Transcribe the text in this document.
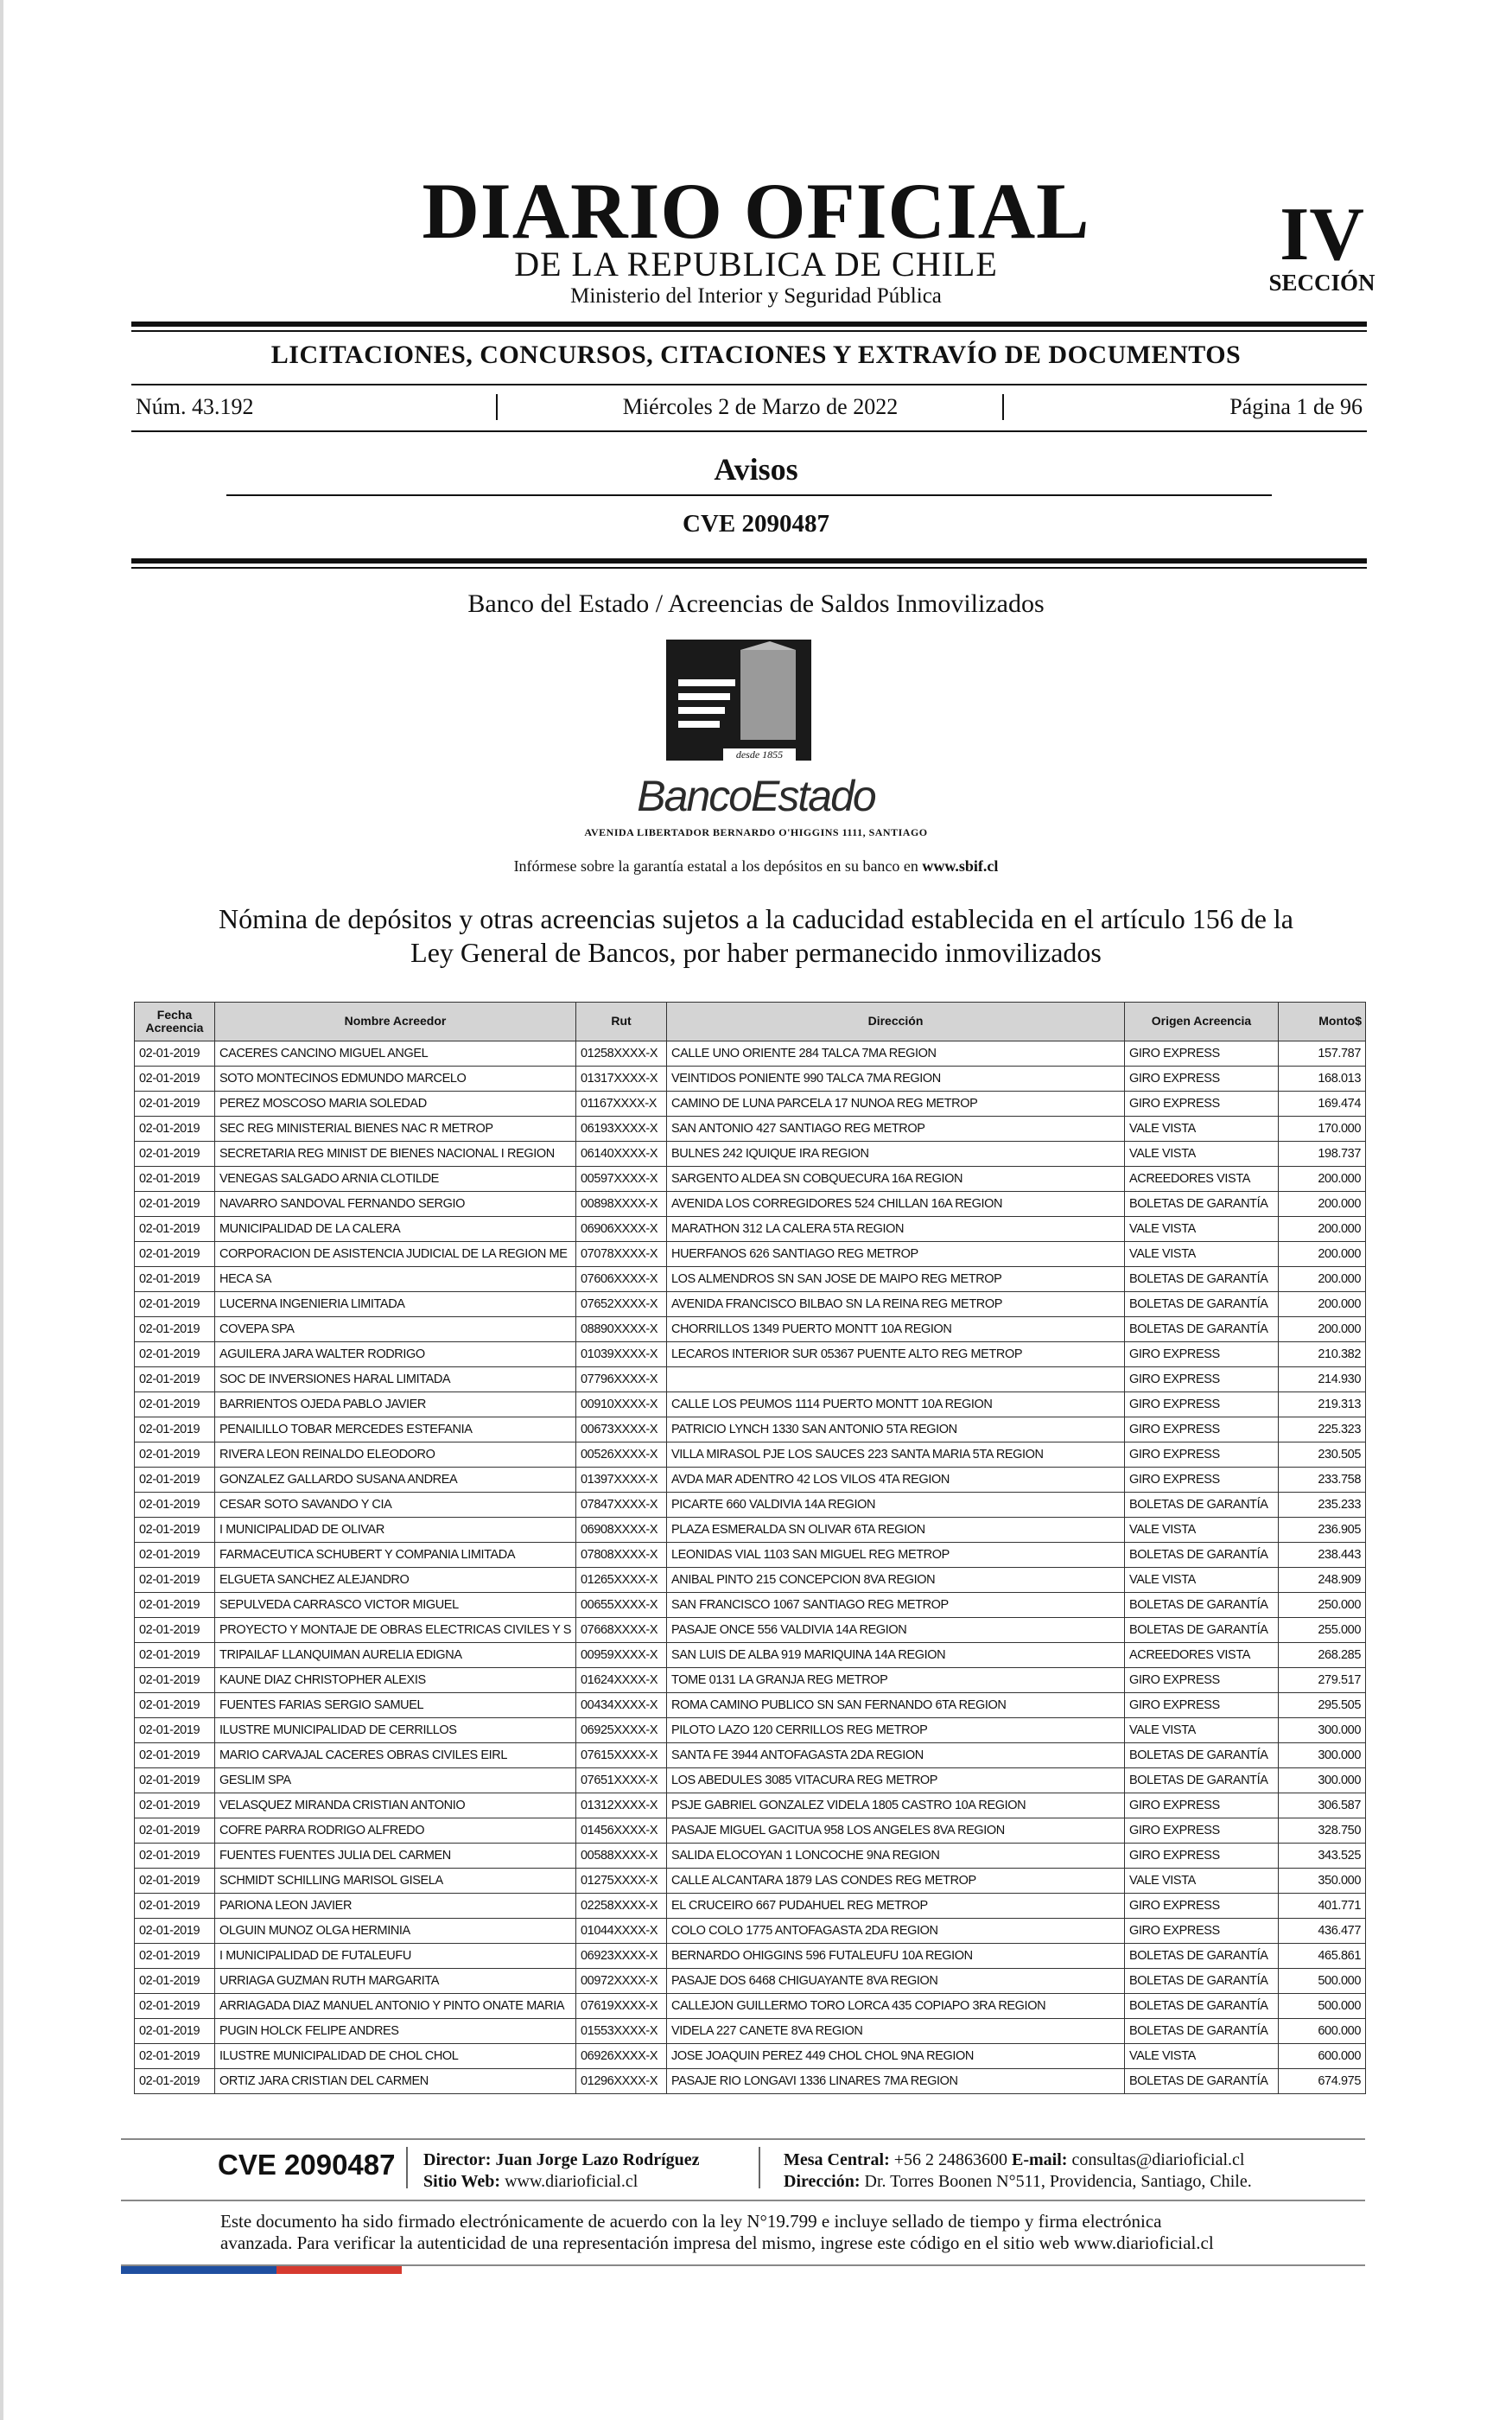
DIARIO OFICIAL
DE LA REPUBLICA DE CHILE
Ministerio del Interior y Seguridad Pública
IV
SECCIÓN
LICITACIONES, CONCURSOS, CITACIONES Y EXTRAVÍO DE DOCUMENTOS
Núm. 43.192	Miércoles 2 de Marzo de 2022	Página 1 de 96
Avisos
CVE 2090487
Banco del Estado / Acreencias de Saldos Inmovilizados
desde 1855
BancoEstado
AVENIDA LIBERTADOR BERNARDO O'HIGGINS 1111, SANTIAGO
Infórmese sobre la garantía estatal a los depósitos en su banco en www.sbif.cl
Nómina de depósitos y otras acreencias sujetos a la caducidad establecida en el artículo 156 de la
Ley General de Bancos, por haber permanecido inmovilizados
Fecha
Acreencia	Nombre Acreedor	Rut	Dirección	Origen Acreencia	Monto$
02-01-2019	CACERES CANCINO MIGUEL ANGEL	01258XXXX-X	CALLE UNO ORIENTE 284 TALCA 7MA REGION	GIRO EXPRESS	157.787
02-01-2019	SOTO MONTECINOS EDMUNDO MARCELO	01317XXXX-X	VEINTIDOS PONIENTE 990 TALCA 7MA REGION	GIRO EXPRESS	168.013
02-01-2019	PEREZ MOSCOSO MARIA SOLEDAD	01167XXXX-X	CAMINO DE LUNA PARCELA 17 NUNOA REG METROP	GIRO EXPRESS	169.474
02-01-2019	SEC REG MINISTERIAL BIENES NAC R METROP	06193XXXX-X	SAN ANTONIO 427 SANTIAGO REG METROP	VALE VISTA	170.000
02-01-2019	SECRETARIA REG MINIST DE BIENES NACIONAL I REGION	06140XXXX-X	BULNES 242 IQUIQUE IRA REGION	VALE VISTA	198.737
02-01-2019	VENEGAS SALGADO ARNIA CLOTILDE	00597XXXX-X	SARGENTO ALDEA SN COBQUECURA 16A REGION	ACREEDORES VISTA	200.000
02-01-2019	NAVARRO SANDOVAL FERNANDO SERGIO	00898XXXX-X	AVENIDA LOS CORREGIDORES 524 CHILLAN 16A REGION	BOLETAS DE GARANTÍA	200.000
02-01-2019	MUNICIPALIDAD DE LA CALERA	06906XXXX-X	MARATHON 312 LA CALERA 5TA REGION	VALE VISTA	200.000
02-01-2019	CORPORACION DE ASISTENCIA JUDICIAL DE LA REGION ME	07078XXXX-X	HUERFANOS 626 SANTIAGO REG METROP	VALE VISTA	200.000
02-01-2019	HECA SA	07606XXXX-X	LOS ALMENDROS SN SAN JOSE DE MAIPO REG METROP	BOLETAS DE GARANTÍA	200.000
02-01-2019	LUCERNA INGENIERIA LIMITADA	07652XXXX-X	AVENIDA FRANCISCO BILBAO SN LA REINA REG METROP	BOLETAS DE GARANTÍA	200.000
02-01-2019	COVEPA SPA	08890XXXX-X	CHORRILLOS 1349 PUERTO MONTT 10A REGION	BOLETAS DE GARANTÍA	200.000
02-01-2019	AGUILERA JARA WALTER RODRIGO	01039XXXX-X	LECAROS INTERIOR SUR 05367 PUENTE ALTO REG METROP	GIRO EXPRESS	210.382
02-01-2019	SOC DE INVERSIONES HARAL LIMITADA	07796XXXX-X		GIRO EXPRESS	214.930
02-01-2019	BARRIENTOS OJEDA PABLO JAVIER	00910XXXX-X	CALLE LOS PEUMOS 1114 PUERTO MONTT 10A REGION	GIRO EXPRESS	219.313
02-01-2019	PENAILILLO TOBAR MERCEDES ESTEFANIA	00673XXXX-X	PATRICIO LYNCH 1330 SAN ANTONIO 5TA REGION	GIRO EXPRESS	225.323
02-01-2019	RIVERA LEON REINALDO ELEODORO	00526XXXX-X	VILLA MIRASOL PJE LOS SAUCES 223 SANTA MARIA 5TA REGION	GIRO EXPRESS	230.505
02-01-2019	GONZALEZ GALLARDO SUSANA ANDREA	01397XXXX-X	AVDA MAR ADENTRO 42 LOS VILOS 4TA REGION	GIRO EXPRESS	233.758
02-01-2019	CESAR SOTO SAVANDO Y CIA	07847XXXX-X	PICARTE 660 VALDIVIA 14A REGION	BOLETAS DE GARANTÍA	235.233
02-01-2019	I MUNICIPALIDAD DE OLIVAR	06908XXXX-X	PLAZA ESMERALDA SN OLIVAR 6TA REGION	VALE VISTA	236.905
02-01-2019	FARMACEUTICA SCHUBERT Y COMPANIA LIMITADA	07808XXXX-X	LEONIDAS VIAL 1103 SAN MIGUEL REG METROP	BOLETAS DE GARANTÍA	238.443
02-01-2019	ELGUETA SANCHEZ ALEJANDRO	01265XXXX-X	ANIBAL PINTO 215 CONCEPCION 8VA REGION	VALE VISTA	248.909
02-01-2019	SEPULVEDA CARRASCO VICTOR MIGUEL	00655XXXX-X	SAN FRANCISCO 1067 SANTIAGO REG METROP	BOLETAS DE GARANTÍA	250.000
02-01-2019	PROYECTO Y MONTAJE DE OBRAS ELECTRICAS CIVILES Y S	07668XXXX-X	PASAJE ONCE 556 VALDIVIA 14A REGION	BOLETAS DE GARANTÍA	255.000
02-01-2019	TRIPAILAF LLANQUIMAN AURELIA EDIGNA	00959XXXX-X	SAN LUIS DE ALBA 919 MARIQUINA 14A REGION	ACREEDORES VISTA	268.285
02-01-2019	KAUNE DIAZ CHRISTOPHER ALEXIS	01624XXXX-X	TOME 0131 LA GRANJA REG METROP	GIRO EXPRESS	279.517
02-01-2019	FUENTES FARIAS SERGIO SAMUEL	00434XXXX-X	ROMA CAMINO PUBLICO SN SAN FERNANDO 6TA REGION	GIRO EXPRESS	295.505
02-01-2019	ILUSTRE MUNICIPALIDAD DE CERRILLOS	06925XXXX-X	PILOTO LAZO 120 CERRILLOS REG METROP	VALE VISTA	300.000
02-01-2019	MARIO CARVAJAL CACERES OBRAS CIVILES EIRL	07615XXXX-X	SANTA FE 3944 ANTOFAGASTA 2DA REGION	BOLETAS DE GARANTÍA	300.000
02-01-2019	GESLIM SPA	07651XXXX-X	LOS ABEDULES 3085 VITACURA REG METROP	BOLETAS DE GARANTÍA	300.000
02-01-2019	VELASQUEZ MIRANDA CRISTIAN ANTONIO	01312XXXX-X	PSJE GABRIEL GONZALEZ VIDELA 1805 CASTRO 10A REGION	GIRO EXPRESS	306.587
02-01-2019	COFRE PARRA RODRIGO ALFREDO	01456XXXX-X	PASAJE MIGUEL GACITUA 958 LOS ANGELES 8VA REGION	GIRO EXPRESS	328.750
02-01-2019	FUENTES FUENTES JULIA DEL CARMEN	00588XXXX-X	SALIDA ELOCOYAN 1 LONCOCHE 9NA REGION	GIRO EXPRESS	343.525
02-01-2019	SCHMIDT SCHILLING MARISOL GISELA	01275XXXX-X	CALLE ALCANTARA 1879 LAS CONDES REG METROP	VALE VISTA	350.000
02-01-2019	PARIONA LEON JAVIER	02258XXXX-X	EL CRUCEIRO 667 PUDAHUEL REG METROP	GIRO EXPRESS	401.771
02-01-2019	OLGUIN MUNOZ OLGA HERMINIA	01044XXXX-X	COLO COLO 1775 ANTOFAGASTA 2DA REGION	GIRO EXPRESS	436.477
02-01-2019	I MUNICIPALIDAD DE FUTALEUFU	06923XXXX-X	BERNARDO OHIGGINS 596 FUTALEUFU 10A REGION	BOLETAS DE GARANTÍA	465.861
02-01-2019	URRIAGA GUZMAN RUTH MARGARITA	00972XXXX-X	PASAJE DOS 6468 CHIGUAYANTE 8VA REGION	BOLETAS DE GARANTÍA	500.000
02-01-2019	ARRIAGADA DIAZ MANUEL ANTONIO Y PINTO ONATE MARIA	07619XXXX-X	CALLEJON GUILLERMO TORO LORCA 435 COPIAPO 3RA REGION	BOLETAS DE GARANTÍA	500.000
02-01-2019	PUGIN HOLCK FELIPE ANDRES	01553XXXX-X	VIDELA 227 CANETE 8VA REGION	BOLETAS DE GARANTÍA	600.000
02-01-2019	ILUSTRE MUNICIPALIDAD DE CHOL CHOL	06926XXXX-X	JOSE JOAQUIN PEREZ 449 CHOL CHOL 9NA REGION	VALE VISTA	600.000
02-01-2019	ORTIZ JARA CRISTIAN DEL CARMEN	01296XXXX-X	PASAJE RIO LONGAVI 1336 LINARES 7MA REGION	BOLETAS DE GARANTÍA	674.975
CVE 2090487 Director: Juan Jorge Lazo Rodríguez
Sitio Web: www.diarioficial.cl
Mesa Central: +56 2 24863600 E-mail: consultas@diarioficial.cl
Dirección: Dr. Torres Boonen N°511, Providencia, Santiago, Chile.
Este documento ha sido firmado electrónicamente de acuerdo con la ley N°19.799 e incluye sellado de tiempo y firma electrónica
avanzada. Para verificar la autenticidad de una representación impresa del mismo, ingrese este código en el sitio web www.diarioficial.cl
